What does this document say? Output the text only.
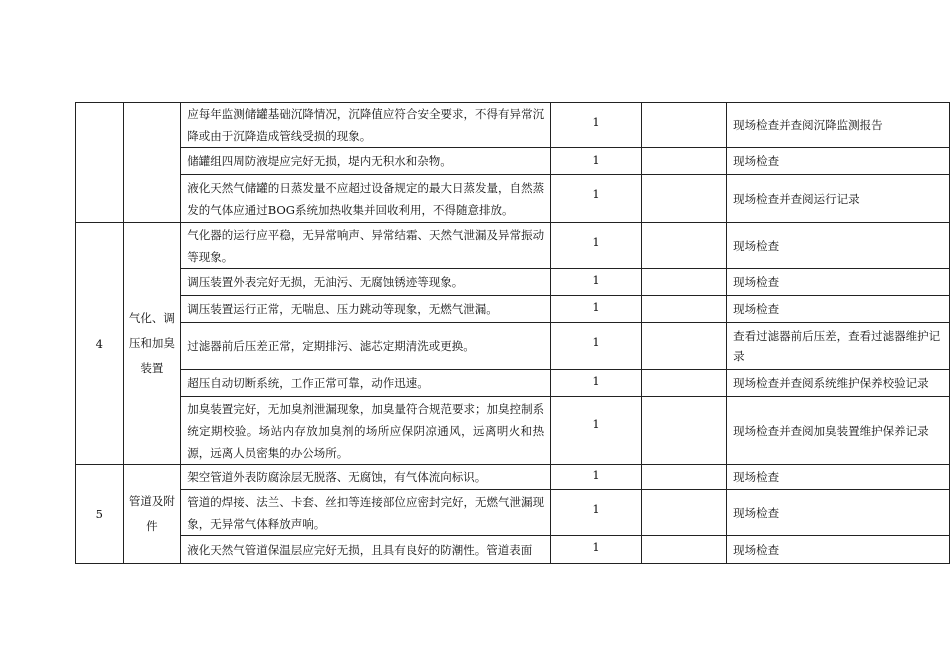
		应每年监测储罐基础沉降情况，沉降值应符合安全要求，不得有异常沉降或由于沉降造成管线受损的现象。	1		现场检查并查阅沉降监测报告
		储罐组四周防液堤应完好无损，堤内无积水和杂物。	1		现场检查
		液化天然气储罐的日蒸发量不应超过设备规定的最大日蒸发量，自然蒸发的气体应通过BOG系统加热收集并回收利用，不得随意排放。	1		现场检查并查阅运行记录
4	气化、调压和加臭装置	气化器的运行应平稳，无异常响声、异常结霜、天然气泄漏及异常振动等现象。	1		现场检查
		调压装置外表完好无损，无油污、无腐蚀锈迹等现象。	1		现场检查
		调压装置运行正常，无喘息、压力跳动等现象，无燃气泄漏。	1		现场检查
		过滤器前后压差正常，定期排污、滤芯定期清洗或更换。	1		查看过滤器前后压差，查看过滤器维护记录
		超压自动切断系统，工作正常可靠，动作迅速。	1		现场检查并查阅系统维护保养校验记录
		加臭装置完好，无加臭剂泄漏现象，加臭量符合规范要求；加臭控制系统定期校验。场站内存放加臭剂的场所应保阴凉通风，远离明火和热源，远离人员密集的办公场所。	1		现场检查并查阅加臭装置维护保养记录
5	管道及附件	架空管道外表防腐涂层无脱落、无腐蚀，有气体流向标识。	1		现场检查
		管道的焊接、法兰、卡套、丝扣等连接部位应密封完好，无燃气泄漏现象，无异常气体释放声响。	1		现场检查
		液化天然气管道保温层应完好无损，且具有良好的防潮性。管道表面	1		现场检查
